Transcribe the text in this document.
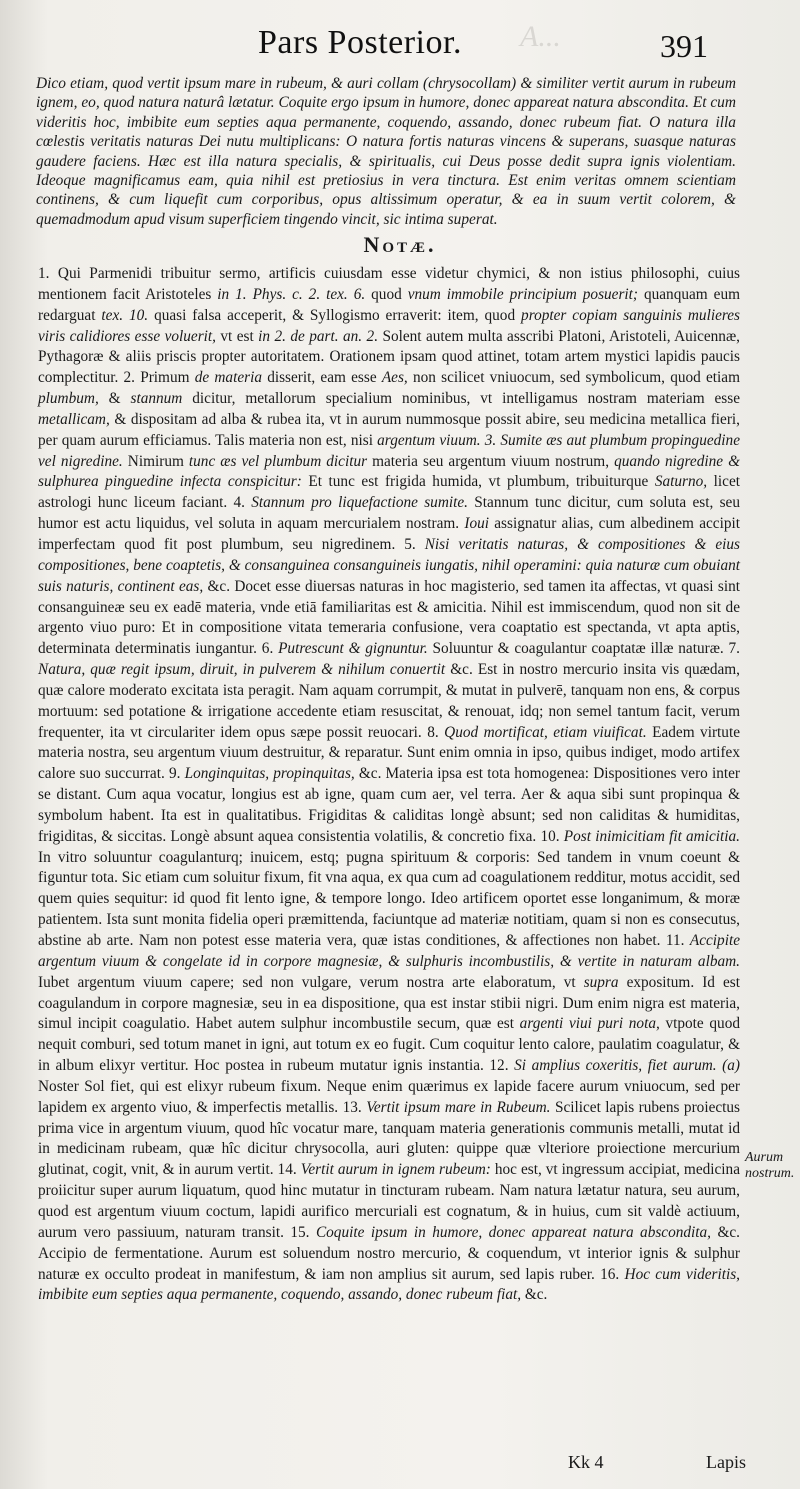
A...
Pars Posterior.	391

Dico etiam, quod vertit ipsum mare in rubeum, & auri collam (chrysocollam) & similiter vertit aurum in rubeum ignem, eo, quod natura naturâ lætatur. Coquite ergo ipsum in humore, donec appareat natura abscondita. Et cum videritis hoc, imbibite eum septies aqua permanente, coquendo, assando, donec rubeum fiat. O natura illa cœlestis veritatis naturas Dei nutu multiplicans: O natura fortis naturas vincens & superans, suasque naturas gaudere faciens. Hæc est illa natura specialis, & spiritualis, cui Deus posse dedit supra ignis violentiam. Ideoque magnificamus eam, quia nihil est pretiosius in vera tinctura. Est enim veritas omnem scientiam continens, & cum liquefit cum corporibus, opus altissimum operatur, & ea in suum vertit colorem, & quemadmodum apud visum superficiem tingendo vincit, sic intima superat.

Notæ.

1. Qui Parmenidi tribuitur sermo, artificis cuiusdam esse videtur chymici, & non istius philosophi, cuius mentionem facit Aristoteles in 1. Phys. c. 2. tex. 6. quod vnum immobile principium posuerit; quanquam eum redarguat tex. 10. quasi falsa acceperit, & Syllogismo erraverit: item, quod propter copiam sanguinis mulieres viris calidiores esse voluerit, vt est in 2. de part. an. 2. Solent autem multa asscribi Platoni, Aristoteli, Auicennæ, Pythagoræ & aliis priscis propter autoritatem. Orationem ipsam quod attinet, totam artem mystici lapidis paucis complectitur. 2. Primum de materia disserit, eam esse Aes, non scilicet vniuocum, sed symbolicum, quod etiam plumbum, & stannum dicitur, metallorum specialium nominibus, vt intelligamus nostram materiam esse metallicam, & dispositam ad alba & rubea ita, vt in aurum nummosque possit abire, seu medicina metallica fieri, per quam aurum efficiamus. Talis materia non est, nisi argentum viuum. 3. Sumite æs aut plumbum propinguedine vel nigredine. Nimirum tunc æs vel plumbum dicitur materia seu argentum viuum nostrum, quando nigredine & sulphurea pinguedine infecta conspicitur: Et tunc est frigida humida, vt plumbum, tribuiturque Saturno, licet astrologi hunc liceum faciant. 4. Stannum pro liquefactione sumite. Stannum tunc dicitur, cum soluta est, seu humor est actu liquidus, vel soluta in aquam mercurialem nostram. Ioui assignatur alias, cum albedinem accipit imperfectam quod fit post plumbum, seu nigredinem. 5. Nisi veritatis naturas, & compositiones & eius compositiones, bene coaptetis, & consanguinea consanguineis iungatis, nihil operamini: quia naturæ cum obuiant suis naturis, continent eas, &c. Docet esse diuersas naturas in hoc magisterio, sed tamen ita affectas, vt quasi sint consanguineæ seu ex eadē materia, vnde etiā familiaritas est & amicitia. Nihil est immiscendum, quod non sit de argento viuo puro: Et in compositione vitata temeraria confusione, vera coaptatio est spectanda, vt apta aptis, determinata determinatis iungantur. 6. Putrescunt & gignuntur. Soluuntur & coagulantur coaptatæ illæ naturæ. 7. Natura, quæ regit ipsum, diruit, in pulverem & nihilum conuertit &c. Est in nostro mercurio insita vis quædam, quæ calore moderato excitata ista peragit. Nam aquam corrumpit, & mutat in pulverē, tanquam non ens, & corpus mortuum: sed potatione & irrigatione accedente etiam resuscitat, & renouat, idq; non semel tantum facit, verum frequenter, ita vt circulariter idem opus sæpe possit reuocari. 8. Quod mortificat, etiam viuificat. Eadem virtute materia nostra, seu argentum viuum destruitur, & reparatur. Sunt enim omnia in ipso, quibus indiget, modo artifex calore suo succurrat. 9. Longinquitas, propinquitas, &c. Materia ipsa est tota homogenea: Dispositiones vero inter se distant. Cum aqua vocatur, longius est ab igne, quam cum aer, vel terra. Aer & aqua sibi sunt propinqua & symbolum habent. Ita est in qualitatibus. Frigiditas & caliditas longè absunt; sed non caliditas & humiditas, frigiditas, & siccitas. Longè absunt aquea consistentia volatilis, & concretio fixa. 10. Post inimicitiam fit amicitia. In vitro soluuntur coagulanturq; inuicem, estq; pugna spirituum & corporis: Sed tandem in vnum coeunt & figuntur tota. Sic etiam cum soluitur fixum, fit vna aqua, ex qua cum ad coagulationem redditur, motus accidit, sed quem quies sequitur: id quod fit lento igne, & tempore longo. Ideo artificem oportet esse longanimum, & moræ patientem. Ista sunt monita fidelia operi præmittenda, faciuntque ad materiæ notitiam, quam si non es consecutus, abstine ab arte. Nam non potest esse materia vera, quæ istas conditiones, & affectiones non habet. 11. Accipite argentum viuum & congelate id in corpore magnesiæ, & sulphuris incombustilis, & vertite in naturam albam. Iubet argentum viuum capere; sed non vulgare, verum nostra arte elaboratum, vt supra expositum. Id est coagulandum in corpore magnesiæ, seu in ea dispositione, qua est instar stibii nigri. Dum enim nigra est materia, simul incipit coagulatio. Habet autem sulphur incombustile secum, quæ est argenti viui puri nota, vtpote quod nequit comburi, sed totum manet in igni, aut totum ex eo fugit. Cum coquitur lento calore, paulatim coagulatur, & in album elixyr vertitur. Hoc postea in rubeum mutatur ignis instantia. 12. Si amplius coxeritis, fiet aurum. (a) Noster Sol fiet, qui est elixyr rubeum fixum. Neque enim quærimus ex lapide facere aurum vniuocum, sed per lapidem ex argento viuo, & imperfectis metallis. 13. Vertit ipsum mare in Rubeum. Scilicet lapis rubens proiectus prima vice in argentum viuum, quod hîc vocatur mare, tanquam materia generationis communis metalli, mutat id in medicinam rubeam, quæ hîc dicitur chrysocolla, auri gluten: quippe quæ vlteriore proiectione mercurium glutinat, cogit, vnit, & in aurum vertit. 14. Vertit aurum in ignem rubeum: hoc est, vt ingressum accipiat, medicina proiicitur super aurum liquatum, quod hinc mutatur in tincturam rubeam. Nam natura lætatur natura, seu aurum, quod est argentum viuum coctum, lapidi aurifico mercuriali est cognatum, & in huius, cum sit valdè actiuum, aurum vero passiuum, naturam transit. 15. Coquite ipsum in humore, donec appareat natura abscondita, &c. Accipio de fermentatione. Aurum est soluendum nostro mercurio, & coquendum, vt interior ignis & sulphur naturæ ex occulto prodeat in manifestum, & iam non amplius sit aurum, sed lapis ruber. 16. Hoc cum videritis, imbibite eum septies aqua permanente, coquendo, assando, donec rubeum fiat, &c.

Aurum nostrum.
Kk 4	Lapis
